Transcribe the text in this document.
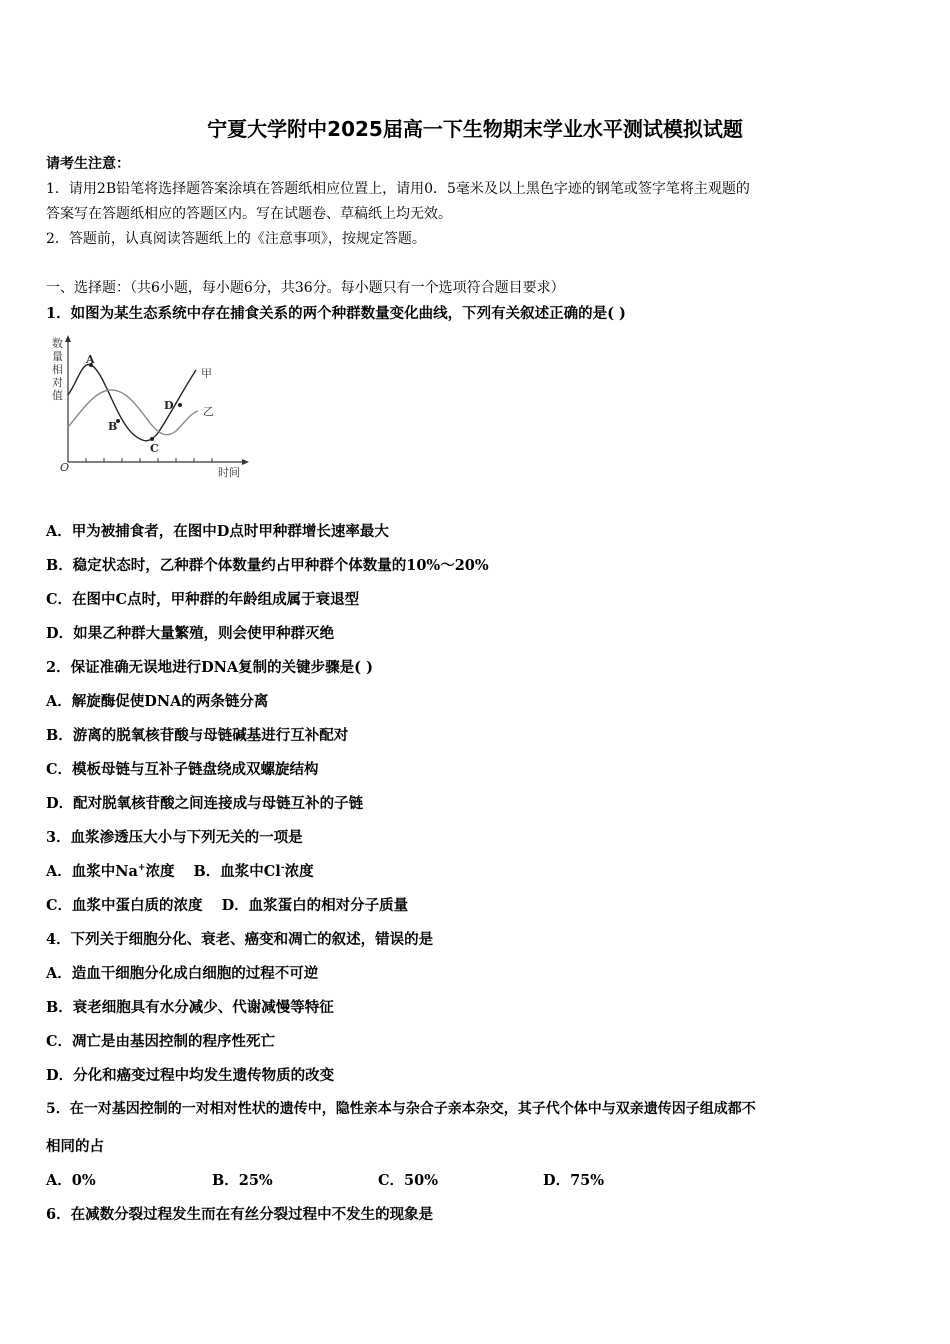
宁夏大学附中2025届高一下生物期末学业水平测试模拟试题
请考生注意：
1．请用2B铅笔将选择题答案涂填在答题纸相应位置上，请用0．5毫米及以上黑色字迹的钢笔或签字笔将主观题的
答案写在答题纸相应的答题区内。写在试题卷、草稿纸上均无效。
2．答题前，认真阅读答题纸上的《注意事项》，按规定答题。
一、选择题：（共6小题，每小题6分，共36分。每小题只有一个选项符合题目要求）
1．如图为某生态系统中存在捕食关系的两个种群数量变化曲线，下列有关叙述正确的是( )
数
量
相
对
值
O	时间
A
B
C
D
甲
乙
A．甲为被捕食者，在图中D点时甲种群增长速率最大
B．稳定状态时，乙种群个体数量约占甲种群个体数量的10%～20%
C．在图中C点时，甲种群的年龄组成属于衰退型
D．如果乙种群大量繁殖，则会使甲种群灭绝
2．保证准确无误地进行DNA复制的关键步骤是( )
A．解旋酶促使DNA的两条链分离
B．游离的脱氧核苷酸与母链碱基进行互补配对
C．模板母链与互补子链盘绕成双螺旋结构
D．配对脱氧核苷酸之间连接成与母链互补的子链
3．血浆渗透压大小与下列无关的一项是
A．血浆中Na+浓度 B．血浆中Cl-浓度
C．血浆中蛋白质的浓度 D．血浆蛋白的相对分子质量
4．下列关于细胞分化、衰老、癌变和凋亡的叙述，错误的是
A．造血干细胞分化成白细胞的过程不可逆
B．衰老细胞具有水分减少、代谢减慢等特征
C．凋亡是由基因控制的程序性死亡
D．分化和癌变过程中均发生遗传物质的改变
5．在一对基因控制的一对相对性状的遗传中，隐性亲本与杂合子亲本杂交，其子代个体中与双亲遗传因子组成都不
相同的占
A．0%	B．25%	C．50%	D．75%
6．在减数分裂过程发生而在有丝分裂过程中不发生的现象是
